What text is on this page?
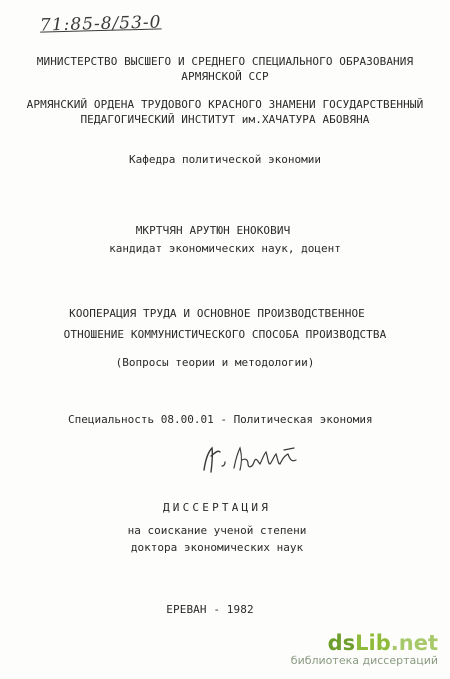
71:85-8/53-0
МИНИСТЕРСТВО ВЫСШЕГО И СРЕДНЕГО СПЕЦИАЛЬНОГО ОБРАЗОВАНИЯ
АРМЯНСКОЙ ССР
АРМЯНСКИЙ ОРДЕНА ТРУДОВОГО КРАСНОГО ЗНАМЕНИ ГОСУДАРСТВЕННЫЙ
ПЕДАГОГИЧЕСКИЙ ИНСТИТУТ им.ХАЧАТУРА АБОВЯНА
Кафедра политической экономии
МКРТЧЯН АРУТЮН ЕНОКОВИЧ
кандидат экономических наук, доцент
КООПЕРАЦИЯ ТРУДА И ОСНОВНОЕ ПРОИЗВОДСТВЕННОЕ
ОТНОШЕНИЕ КОММУНИСТИЧЕСКОГО СПОСОБА ПРОИЗВОДСТВА
(Вопросы теории и методологии)
Специальность 08.00.01 - Политическая экономия
ДИССЕРТАЦИЯ
на соискание ученой степени
доктора экономических наук
ЕРЕВАН - 1982
dsLib.net
библиотека диссертаций
